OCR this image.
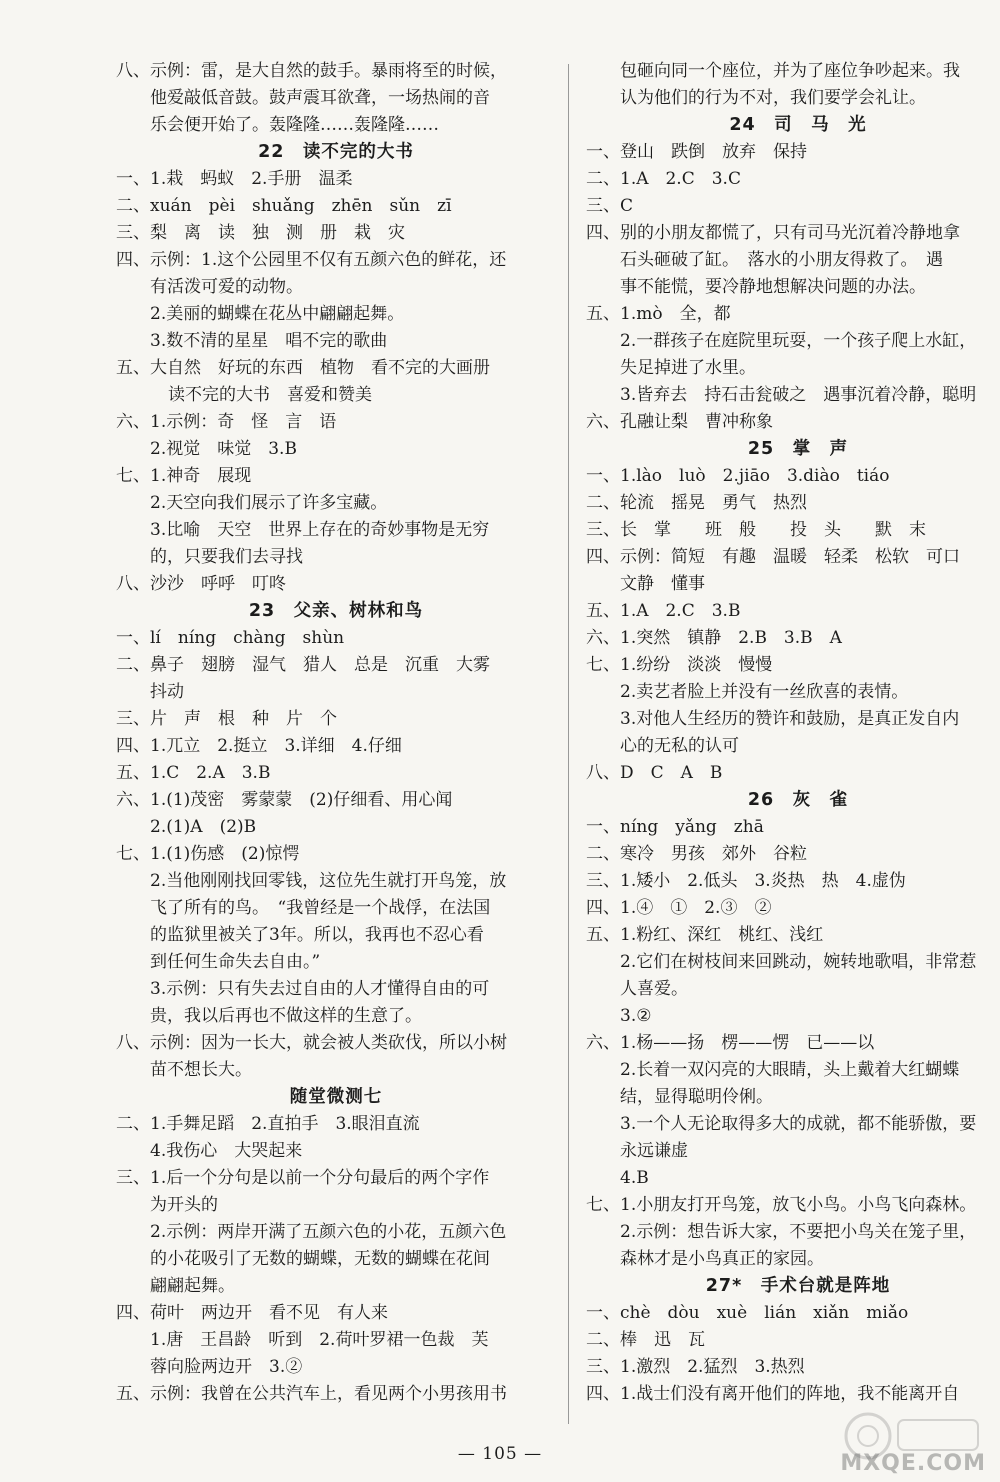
八、示例：雷，是大自然的鼓手。暴雨将至的时候，
他爱敲低音鼓。鼓声震耳欲聋，一场热闹的音
乐会便开始了。轰隆隆……轰隆隆……
22　读不完的大书
一、1.栽　蚂蚁　2.手册　温柔
二、xuán　pèi　shuǎng　zhēn　sǔn　zī
三、梨　离　读　独　测　册　栽　灾
四、示例：1.这个公园里不仅有五颜六色的鲜花，还
有活泼可爱的动物。
2.美丽的蝴蝶在花丛中翩翩起舞。
3.数不清的星星　唱不完的歌曲
五、大自然　好玩的东西　植物　看不完的大画册
读不完的大书　喜爱和赞美
六、1.示例：奇　怪　言　语
2.视觉　味觉　3.B
七、1.神奇　展现
2.天空向我们展示了许多宝藏。
3.比喻　天空　世界上存在的奇妙事物是无穷
的，只要我们去寻找
八、沙沙　呼呼　叮咚
23　父亲、树林和鸟
一、lí　níng　chàng　shùn
二、鼻子　翅膀　湿气　猎人　总是　沉重　大雾
抖动
三、片　声　根　种　片　个
四、1.兀立　2.挺立　3.详细　4.仔细
五、1.C　2.A　3.B
六、1.(1)茂密　雾蒙蒙　(2)仔细看、用心闻
2.(1)A　(2)B
七、1.(1)伤感　(2)惊愕
2.当他刚刚找回零钱，这位先生就打开鸟笼，放
飞了所有的鸟。　“我曾经是一个战俘，在法国
的监狱里被关了3年。所以，我再也不忍心看
到任何生命失去自由。”
3.示例：只有失去过自由的人才懂得自由的可
贵，我以后再也不做这样的生意了。
八、示例：因为一长大，就会被人类砍伐，所以小树
苗不想长大。
随堂微测七
二、1.手舞足蹈　2.直拍手　3.眼泪直流
4.我伤心　大哭起来
三、1.后一个分句是以前一个分句最后的两个字作
为开头的
2.示例：两岸开满了五颜六色的小花，五颜六色
的小花吸引了无数的蝴蝶，无数的蝴蝶在花间
翩翩起舞。
四、荷叶　两边开　看不见　有人来
1.唐　王昌龄　听到　2.荷叶罗裙一色裁　芙
蓉向脸两边开　3.②
五、示例：我曾在公共汽车上，看见两个小男孩用书
包砸向同一个座位，并为了座位争吵起来。我
认为他们的行为不对，我们要学会礼让。
24　司　马　光
一、登山　跌倒　放弃　保持
二、1.A　2.C　3.C
三、C
四、别的小朋友都慌了，只有司马光沉着冷静地拿
石头砸破了缸。　落水的小朋友得救了。　遇
事不能慌，要冷静地想解决问题的办法。
五、1.mò　全，都
2.一群孩子在庭院里玩耍，一个孩子爬上水缸，
失足掉进了水里。
3.皆弃去　持石击瓮破之　遇事沉着冷静，聪明
六、孔融让梨　曹冲称象
25　掌　声
一、1.lào　luò　2.jiāo　3.diào　tiáo
二、轮流　摇晃　勇气　热烈
三、长　掌　　班　般　　投　头　　默　末
四、示例：简短　有趣　温暖　轻柔　松软　可口
文静　懂事
五、1.A　2.C　3.B
六、1.突然　镇静　2.B　3.B　A
七、1.纷纷　淡淡　慢慢
2.卖艺者脸上并没有一丝欣喜的表情。
3.对他人生经历的赞许和鼓励，是真正发自内
心的无私的认可
八、D　C　A　B
26　灰　雀
一、níng　yǎng　zhā
二、寒冷　男孩　郊外　谷粒
三、1.矮小　2.低头　3.炎热　热　4.虚伪
四、1.④　①　2.③　②
五、1.粉红、深红　桃红、浅红
2.它们在树枝间来回跳动，婉转地歌唱，非常惹
人喜爱。
3.②
六、1.杨——扬　楞——愣　已——以
2.长着一双闪亮的大眼睛，头上戴着大红蝴蝶
结，显得聪明伶俐。
3.一个人无论取得多大的成就，都不能骄傲，要
永远谦虚
4.B
七、1.小朋友打开鸟笼，放飞小鸟。小鸟飞向森林。
2.示例：想告诉大家，不要把小鸟关在笼子里，
森林才是小鸟真正的家园。
27*　手术台就是阵地
一、chè　dòu　xuè　lián　xiǎn　miǎo
二、棒　迅　瓦
三、1.激烈　2.猛烈　3.热烈
四、1.战士们没有离开他们的阵地，我不能离开自
— 105 —	MXQE.COM
